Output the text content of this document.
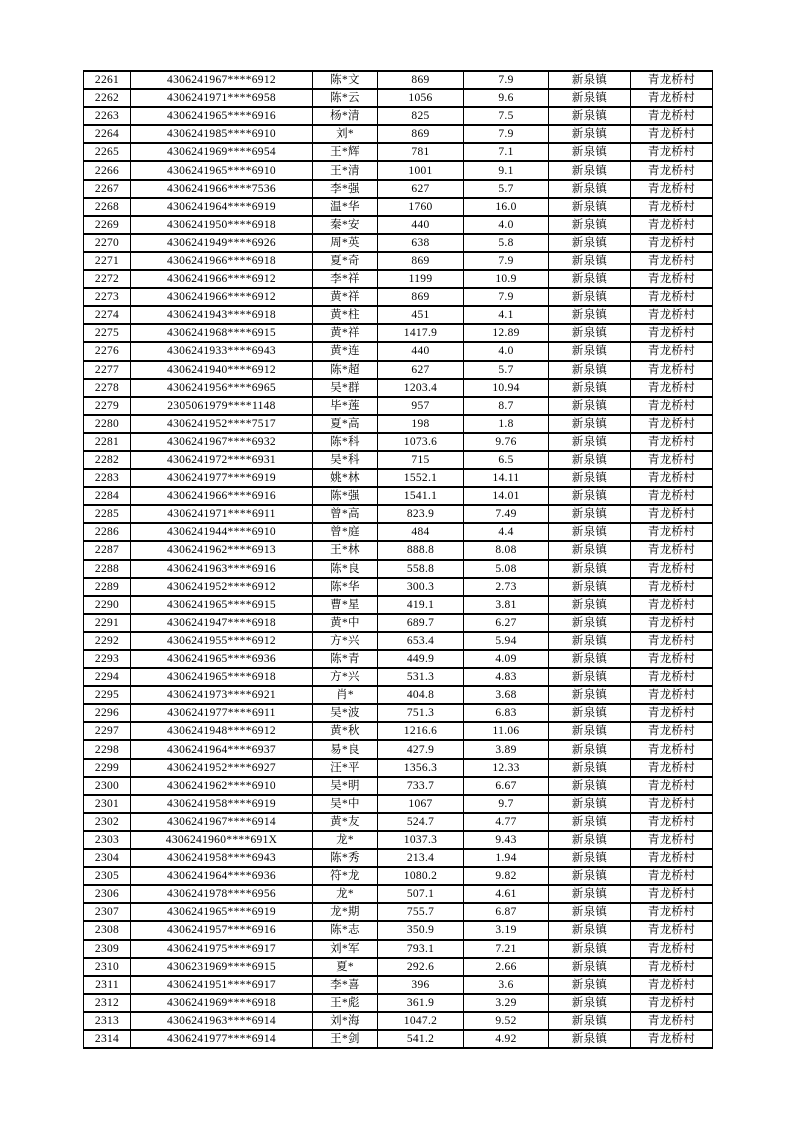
2261	4306241967****6912	陈*文	869	7.9	新泉镇	青龙桥村
2262	4306241971****6958	陈*云	1056	9.6	新泉镇	青龙桥村
2263	4306241965****6916	杨*清	825	7.5	新泉镇	青龙桥村
2264	4306241985****6910	刘*	869	7.9	新泉镇	青龙桥村
2265	4306241969****6954	王*辉	781	7.1	新泉镇	青龙桥村
2266	4306241965****6910	王*清	1001	9.1	新泉镇	青龙桥村
2267	4306241966****7536	李*强	627	5.7	新泉镇	青龙桥村
2268	4306241964****6919	温*华	1760	16.0	新泉镇	青龙桥村
2269	4306241950****6918	秦*安	440	4.0	新泉镇	青龙桥村
2270	4306241949****6926	周*英	638	5.8	新泉镇	青龙桥村
2271	4306241966****6918	夏*奇	869	7.9	新泉镇	青龙桥村
2272	4306241966****6912	李*祥	1199	10.9	新泉镇	青龙桥村
2273	4306241966****6912	黄*祥	869	7.9	新泉镇	青龙桥村
2274	4306241943****6918	黄*柱	451	4.1	新泉镇	青龙桥村
2275	4306241968****6915	黄*祥	1417.9	12.89	新泉镇	青龙桥村
2276	4306241933****6943	黄*连	440	4.0	新泉镇	青龙桥村
2277	4306241940****6912	陈*超	627	5.7	新泉镇	青龙桥村
2278	4306241956****6965	吴*群	1203.4	10.94	新泉镇	青龙桥村
2279	2305061979****1148	毕*莲	957	8.7	新泉镇	青龙桥村
2280	4306241952****7517	夏*高	198	1.8	新泉镇	青龙桥村
2281	4306241967****6932	陈*科	1073.6	9.76	新泉镇	青龙桥村
2282	4306241972****6931	吴*科	715	6.5	新泉镇	青龙桥村
2283	4306241977****6919	姚*林	1552.1	14.11	新泉镇	青龙桥村
2284	4306241966****6916	陈*强	1541.1	14.01	新泉镇	青龙桥村
2285	4306241971****6911	曾*高	823.9	7.49	新泉镇	青龙桥村
2286	4306241944****6910	曾*庭	484	4.4	新泉镇	青龙桥村
2287	4306241962****6913	王*林	888.8	8.08	新泉镇	青龙桥村
2288	4306241963****6916	陈*良	558.8	5.08	新泉镇	青龙桥村
2289	4306241952****6912	陈*华	300.3	2.73	新泉镇	青龙桥村
2290	4306241965****6915	曹*星	419.1	3.81	新泉镇	青龙桥村
2291	4306241947****6918	黄*中	689.7	6.27	新泉镇	青龙桥村
2292	4306241955****6912	方*兴	653.4	5.94	新泉镇	青龙桥村
2293	4306241965****6936	陈*青	449.9	4.09	新泉镇	青龙桥村
2294	4306241965****6918	方*兴	531.3	4.83	新泉镇	青龙桥村
2295	4306241973****6921	肖*	404.8	3.68	新泉镇	青龙桥村
2296	4306241977****6911	吴*波	751.3	6.83	新泉镇	青龙桥村
2297	4306241948****6912	黄*秋	1216.6	11.06	新泉镇	青龙桥村
2298	4306241964****6937	易*良	427.9	3.89	新泉镇	青龙桥村
2299	4306241952****6927	汪*平	1356.3	12.33	新泉镇	青龙桥村
2300	4306241962****6910	吴*明	733.7	6.67	新泉镇	青龙桥村
2301	4306241958****6919	吴*中	1067	9.7	新泉镇	青龙桥村
2302	4306241967****6914	黄*友	524.7	4.77	新泉镇	青龙桥村
2303	4306241960****691X	龙*	1037.3	9.43	新泉镇	青龙桥村
2304	4306241958****6943	陈*秀	213.4	1.94	新泉镇	青龙桥村
2305	4306241964****6936	符*龙	1080.2	9.82	新泉镇	青龙桥村
2306	4306241978****6956	龙*	507.1	4.61	新泉镇	青龙桥村
2307	4306241965****6919	龙*期	755.7	6.87	新泉镇	青龙桥村
2308	4306241957****6916	陈*志	350.9	3.19	新泉镇	青龙桥村
2309	4306241975****6917	刘*军	793.1	7.21	新泉镇	青龙桥村
2310	4306231969****6915	夏*	292.6	2.66	新泉镇	青龙桥村
2311	4306241951****6917	李*喜	396	3.6	新泉镇	青龙桥村
2312	4306241969****6918	王*彪	361.9	3.29	新泉镇	青龙桥村
2313	4306241963****6914	刘*海	1047.2	9.52	新泉镇	青龙桥村
2314	4306241977****6914	王*剑	541.2	4.92	新泉镇	青龙桥村
